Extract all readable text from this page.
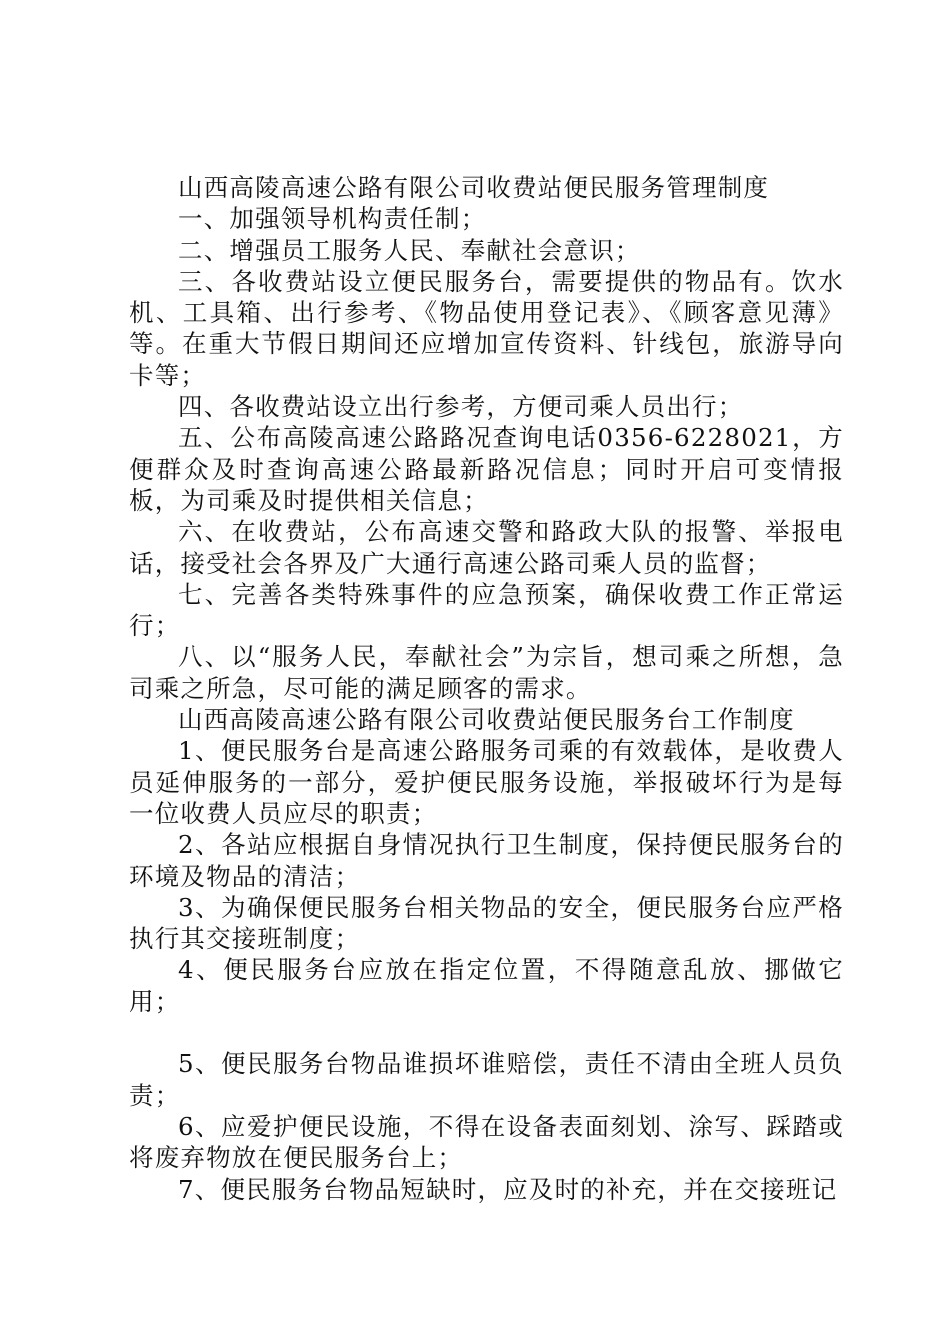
山西高陵高速公路有限公司收费站便民服务管理制度

一、加强领导机构责任制；

二、增强员工服务人民、奉献社会意识；

三、各收费站设立便民服务台，需要提供的物品有。饮水机、工具箱、出行参考、《物品使用登记表》、《顾客意见薄》等。在重大节假日期间还应增加宣传资料、针线包，旅游导向卡等；

四、各收费站设立出行参考，方便司乘人员出行；

五、公布高陵高速公路路况查询电话0356-6228021，方便群众及时查询高速公路最新路况信息；同时开启可变情报板，为司乘及时提供相关信息；

六、在收费站，公布高速交警和路政大队的报警、举报电话，接受社会各界及广大通行高速公路司乘人员的监督；

七、完善各类特殊事件的应急预案，确保收费工作正常运行；

八、以“服务人民，奉献社会”为宗旨，想司乘之所想，急司乘之所急，尽可能的满足顾客的需求。

山西高陵高速公路有限公司收费站便民服务台工作制度

1、便民服务台是高速公路服务司乘的有效载体，是收费人员延伸服务的一部分，爱护便民服务设施，举报破坏行为是每一位收费人员应尽的职责；

2、各站应根据自身情况执行卫生制度，保持便民服务台的环境及物品的清洁；

3、为确保便民服务台相关物品的安全，便民服务台应严格执行其交接班制度；

4、便民服务台应放在指定位置，不得随意乱放、挪做它用；

5、便民服务台物品谁损坏谁赔偿，责任不清由全班人员负责；

6、应爱护便民设施，不得在设备表面刻划、涂写、踩踏或将废弃物放在便民服务台上；

7、便民服务台物品短缺时，应及时的补充，并在交接班记
